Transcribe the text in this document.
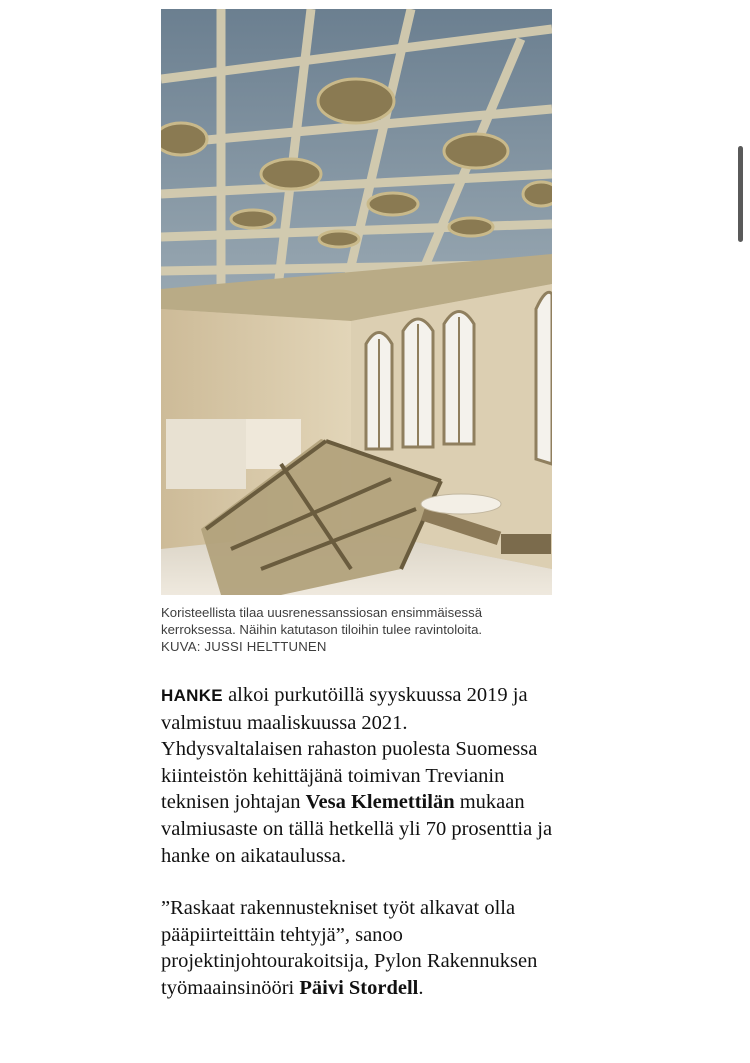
Koristeellista tilaa uusrenessanssiosan ensimmäisessä kerroksessa. Näihin katutason tiloihin tulee ravintoloita.
KUVA: JUSSI HELTTUNEN

HANKE alkoi purkutöillä syyskuussa 2019 ja valmistuu maaliskuussa 2021. Yhdysvaltalaisen rahaston puolesta Suomessa kiinteistön kehittäjänä toimivan Trevianin teknisen johtajan Vesa Klemettilän mukaan valmiusaste on tällä hetkellä yli 70 prosenttia ja hanke on aikataulussa.

”Raskaat rakennustekniset työt alkavat olla pääpiirteittäin tehtyjä”, sanoo projektinjohtourakoitsija, Pylon Rakennuksen työmaainsinööri Päivi Stordell.
